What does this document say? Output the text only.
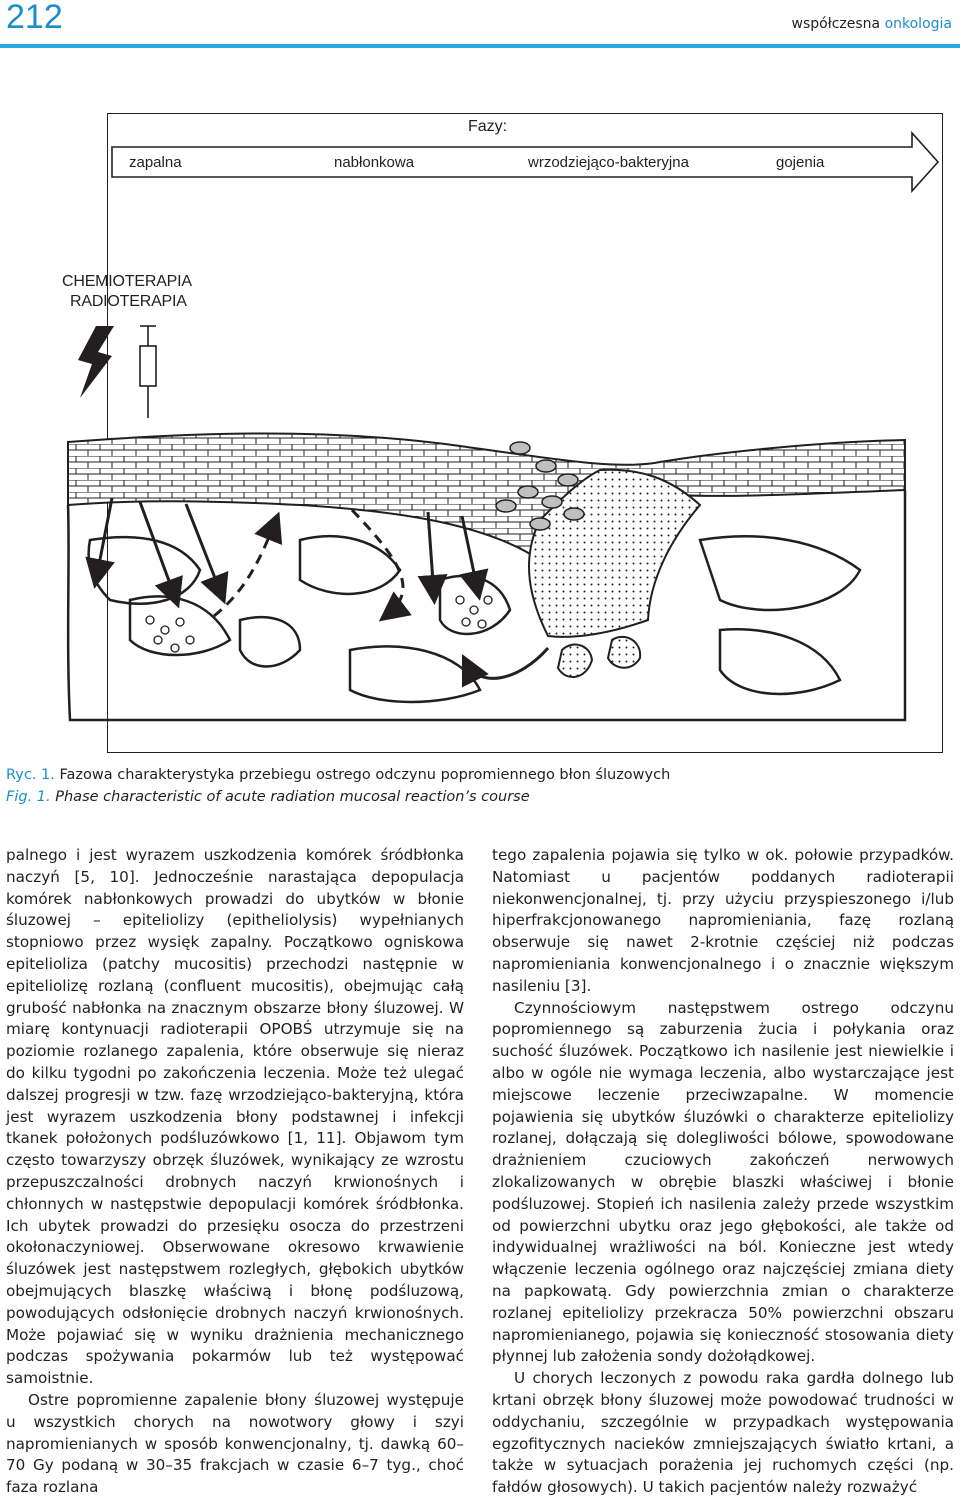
212	współczesna onkologia
Fazy:
zapalna	nabłonkowa	wrzodziejąco-bakteryjna	gojenia
CHEMIOTERAPIA
RADIOTERAPIA
Ryc. 1. Fazowa charakterystyka przebiegu ostrego odczynu popromiennego błon śluzowych
Fig. 1. Phase characteristic of acute radiation mucosal reaction’s course

palnego i jest wyrazem uszkodzenia komórek śródbłonka naczyń [5, 10]. Jednocześnie narastająca depopulacja komórek nabłonkowych prowadzi do ubytków w błonie śluzowej – epiteliolizy (epitheliolysis) wypełnianych stopniowo przez wysięk zapalny. Początkowo ogniskowa epitelioliza (patchy mucositis) przechodzi następnie w epiteliolizę rozlaną (confluent mucositis), obejmując całą grubość nabłonka na znacznym obszarze błony śluzowej. W miarę kontynuacji radioterapii OPOBŚ utrzymuje się na poziomie rozlanego zapalenia, które obserwuje się nieraz do kilku tygodni po zakończenia leczenia. Może też ulegać dalszej progresji w tzw. fazę wrzodziejąco-bakteryjną, która jest wyrazem uszkodzenia błony podstawnej i infekcji tkanek położonych podśluzówkowo [1, 11]. Objawom tym często towarzyszy obrzęk śluzówek, wynikający ze wzrostu przepuszczalności drobnych naczyń krwionośnych i chłonnych w następstwie depopulacji komórek śródbłonka. Ich ubytek prowadzi do przesięku osocza do przestrzeni okołonaczyniowej. Obserwowane okresowo krwawienie śluzówek jest następstwem rozległych, głębokich ubytków obejmujących blaszkę właściwą i błonę podśluzową, powodujących odsłonięcie drobnych naczyń krwionośnych. Może pojawiać się w wyniku drażnienia mechanicznego podczas spożywania pokarmów lub też występować samoistnie.

Ostre popromienne zapalenie błony śluzowej występuje u wszystkich chorych na nowotwory głowy i szyi napromienianych w sposób konwencjonalny, tj. dawką 60–70 Gy podaną w 30–35 frakcjach w czasie 6–7 tyg., choć faza rozlana

tego zapalenia pojawia się tylko w ok. połowie przypadków. Natomiast u pacjentów poddanych radioterapii niekonwencjonalnej, tj. przy użyciu przyspieszonego i/lub hiperfrakcjonowanego napromieniania, fazę rozlaną obserwuje się nawet 2-krotnie częściej niż podczas napromieniania konwencjonalnego i o znacznie większym nasileniu [3].

Czynnościowym następstwem ostrego odczynu popromiennego są zaburzenia żucia i połykania oraz suchość śluzówek. Początkowo ich nasilenie jest niewielkie i albo w ogóle nie wymaga leczenia, albo wystarczające jest miejscowe leczenie przeciwzapalne. W momencie pojawienia się ubytków śluzówki o charakterze epiteliolizy rozlanej, dołączają się dolegliwości bólowe, spowodowane drażnieniem czuciowych zakończeń nerwowych zlokalizowanych w obrębie blaszki właściwej i błonie podśluzowej. Stopień ich nasilenia zależy przede wszystkim od powierzchni ubytku oraz jego głębokości, ale także od indywidualnej wrażliwości na ból. Konieczne jest wtedy włączenie leczenia ogólnego oraz najczęściej zmiana diety na papkowatą. Gdy powierzchnia zmian o charakterze rozlanej epiteliolizy przekracza 50% powierzchni obszaru napromienianego, pojawia się konieczność stosowania diety płynnej lub założenia sondy dożołądkowej.

U chorych leczonych z powodu raka gardła dolnego lub krtani obrzęk błony śluzowej może powodować trudności w oddychaniu, szczególnie w przypadkach występowania egzofitycznych nacieków zmniejszających światło krtani, a także w sytuacjach porażenia jej ruchomych części (np. fałdów głosowych). U takich pacjentów należy rozważyć
